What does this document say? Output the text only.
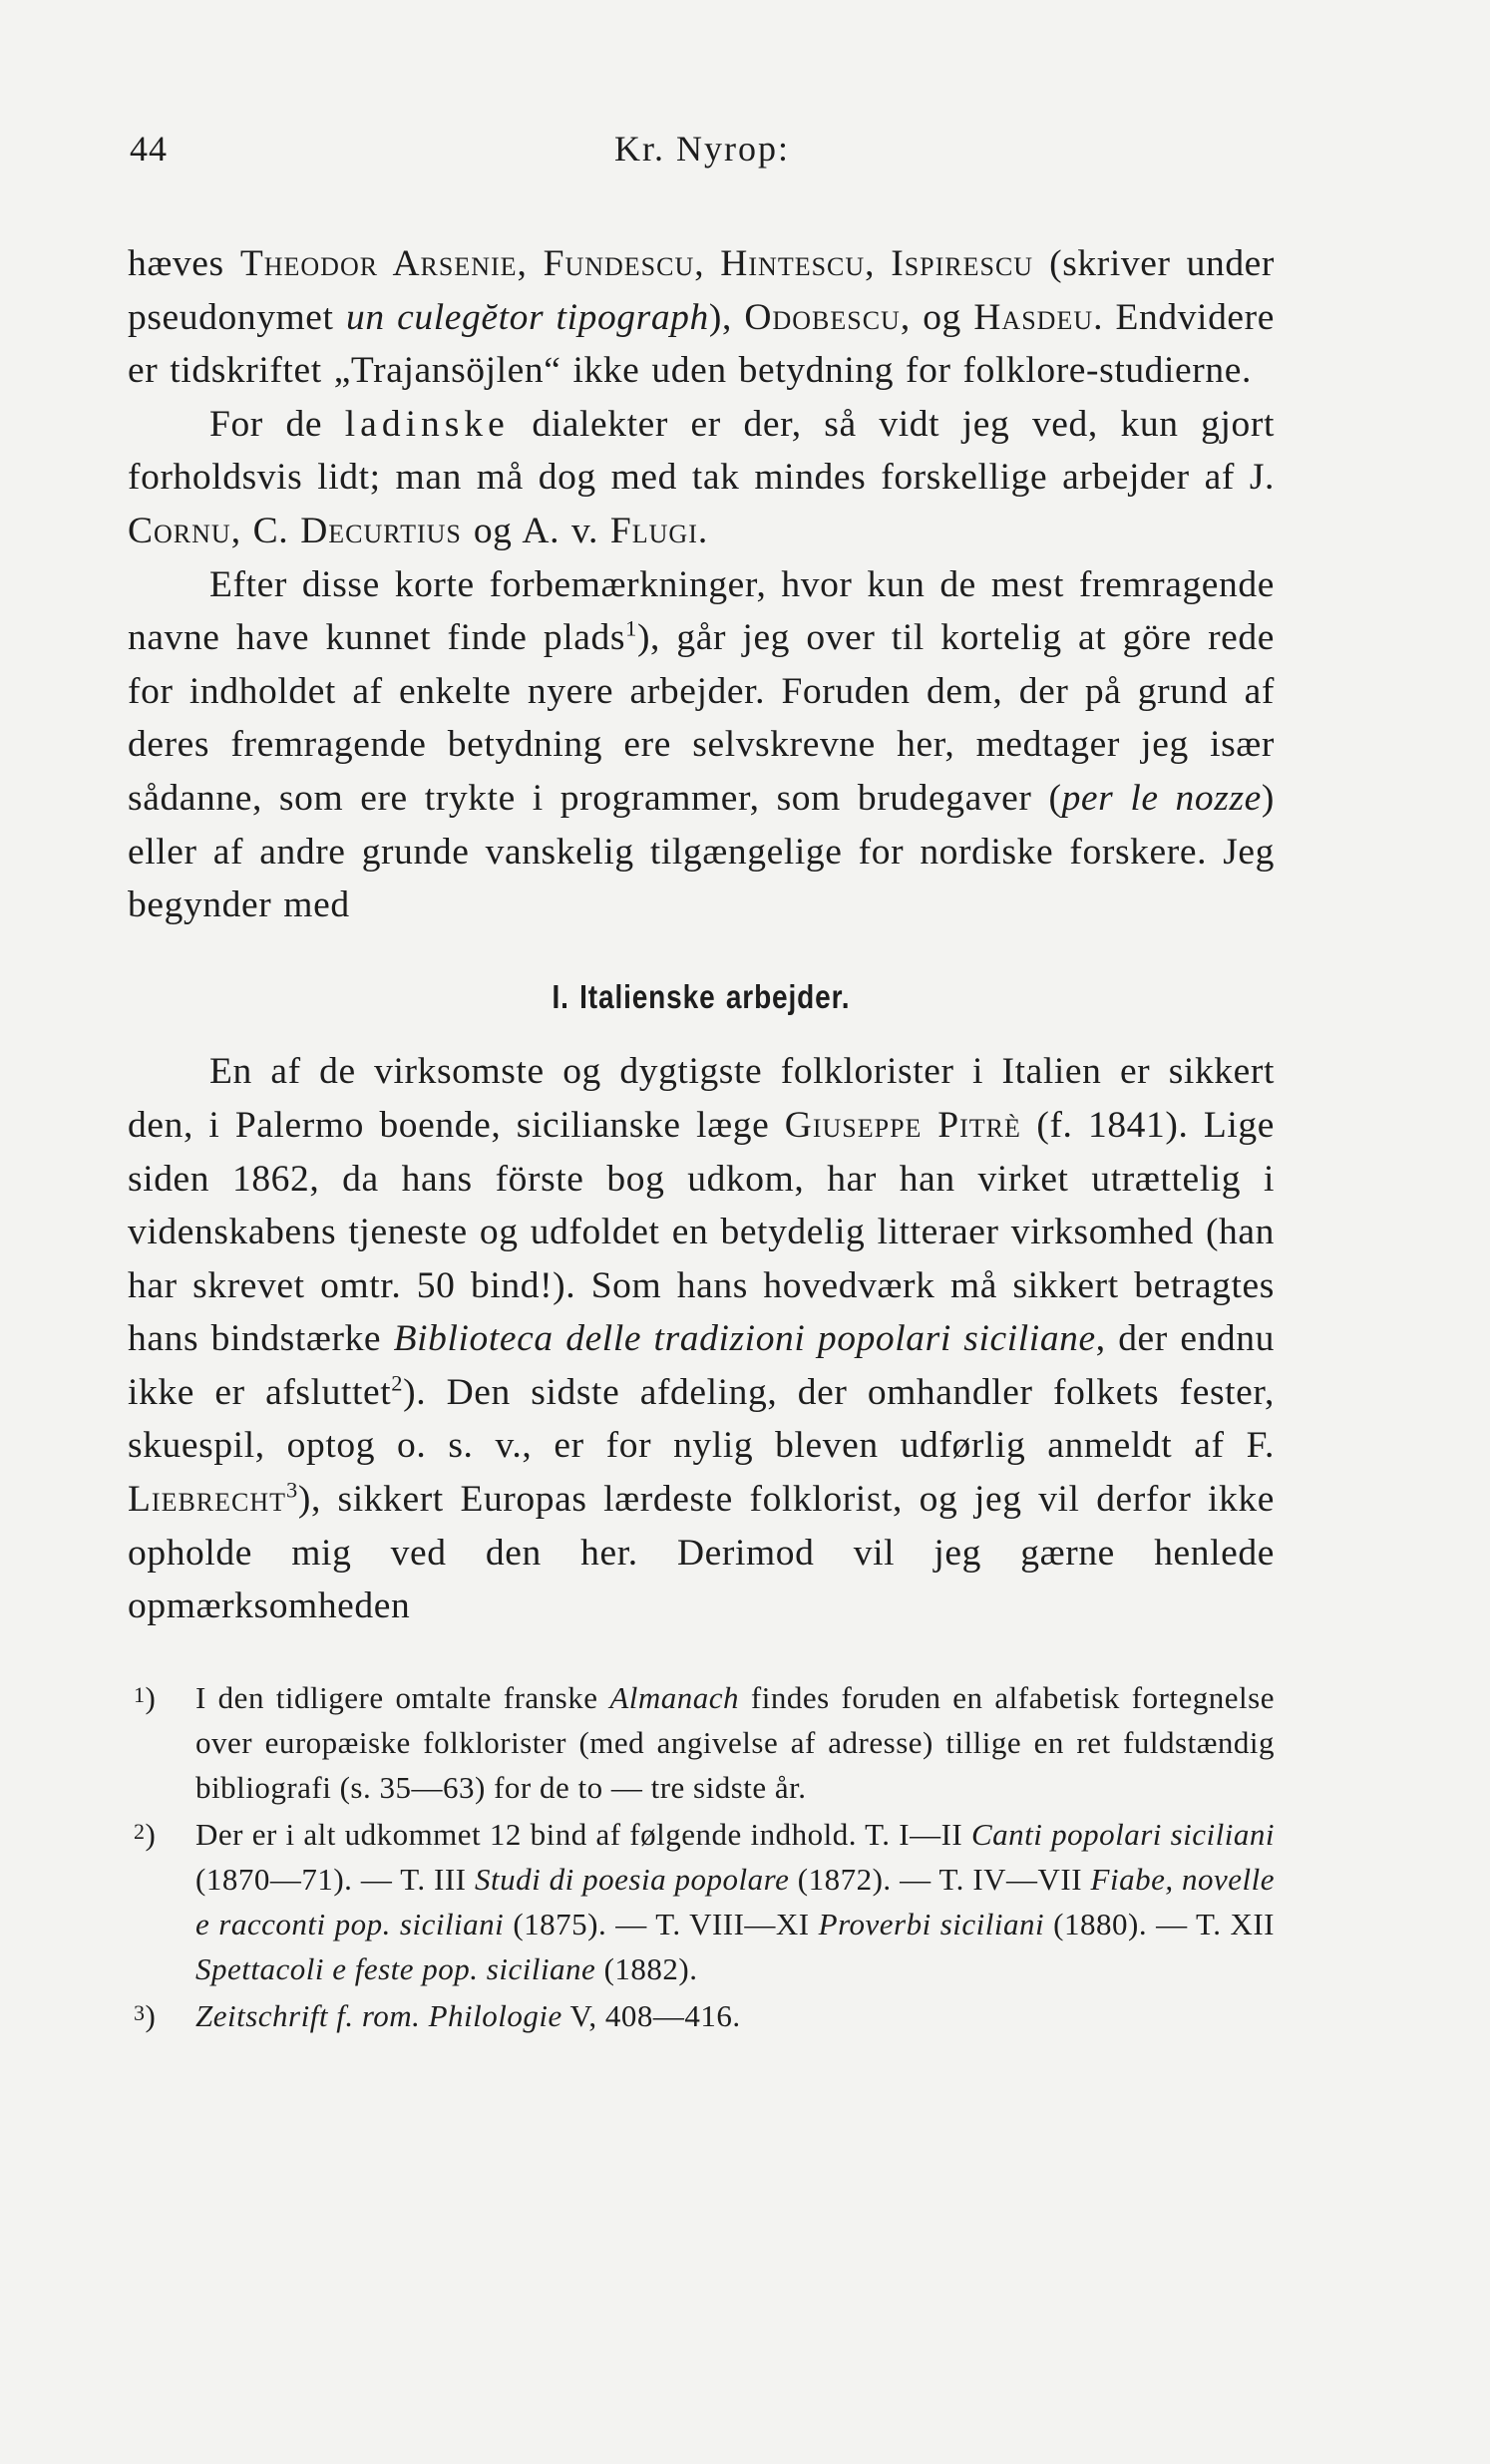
44	Kr. Nyrop:

hæves Theodor Arsenie, Fundescu, Hintescu, Ispirescu (skriver under pseudonymet un culegĕtor tipograph), Odobescu, og Hasdeu. Endvidere er tidskriftet „Trajansöjlen“ ikke uden betydning for folklore-studierne.

For de ladinske dialekter er der, så vidt jeg ved, kun gjort forholdsvis lidt; man må dog med tak mindes forskellige arbejder af J. Cornu, C. Decurtius og A. v. Flugi.

Efter disse korte forbemærkninger, hvor kun de mest fremragende navne have kunnet finde plads$^1$), går jeg over til kortelig at göre rede for indholdet af enkelte nyere arbejder. Foruden dem, der på grund af deres fremragende betydning ere selvskrevne her, medtager jeg især sådanne, som ere trykte i programmer, som brudegaver (per le nozze) eller af andre grunde vanskelig tilgængelige for nordiske forskere. Jeg begynder med

I. Italienske arbejder.

En af de virksomste og dygtigste folklorister i Italien er sikkert den, i Palermo boende, sicilianske læge Giuseppe Pitrè (f. 1841). Lige siden 1862, da hans förste bog udkom, har han virket utrættelig i videnskabens tjeneste og udfoldet en betydelig litteraer virksomhed (han har skrevet omtr. 50 bind!). Som hans hovedværk må sikkert betragtes hans bindstærke Biblioteca delle tradizioni popolari siciliane, der endnu ikke er afsluttet$^2$). Den sidste afdeling, der omhandler folkets fester, skuespil, optog o. s. v., er for nylig bleven udførlig anmeldt af F. Liebrecht$^3$), sikkert Europas lærdeste folklorist, og jeg vil derfor ikke opholde mig ved den her. Derimod vil jeg gærne henlede opmærksomheden

1 )	I den tidligere omtalte franske Almanach findes foruden en alfabetisk fortegnelse over europæiske folklorister (med angivelse af adresse) tillige en ret fuldstændig bibliografi (s. 35—63) for de to — tre sidste år.

2 )	Der er i alt udkommet 12 bind af følgende indhold. T. I—II Canti popolari siciliani (1870—71). — T. III Studi di poesia popolare (1872). — T. IV—VII Fiabe, novelle e racconti pop. siciliani (1875). — T. VIII—XI Proverbi siciliani (1880). — T. XII Spettacoli e feste pop. siciliane (1882).

3 )	Zeitschrift f. rom. Philologie V, 408—416.
